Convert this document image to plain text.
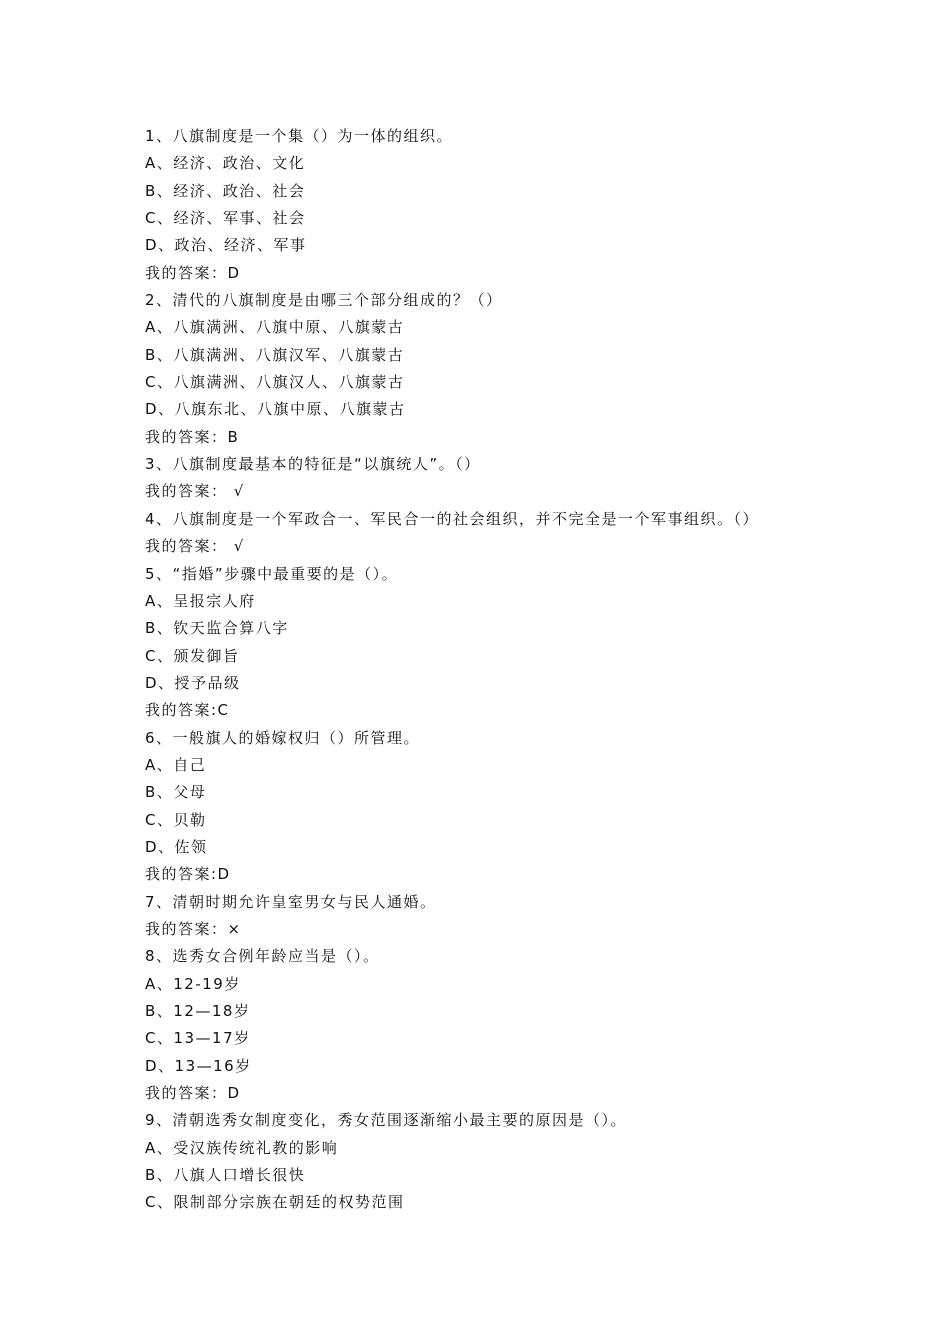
1、八旗制度是一个集（）为一体的组织。
A、经济、政治、文化
B、经济、政治、社会
C、经济、军事、社会
D、政治、经济、军事
我的答案：D
2、清代的八旗制度是由哪三个部分组成的？（）
A、八旗满洲、八旗中原、八旗蒙古
B、八旗满洲、八旗汉军、八旗蒙古
C、八旗满洲、八旗汉人、八旗蒙古
D、八旗东北、八旗中原、八旗蒙古
我的答案：B
3、八旗制度最基本的特征是“以旗统人”。（）
我的答案： √
4、八旗制度是一个军政合一、军民合一的社会组织，并不完全是一个军事组织。（）
我的答案： √
5、“指婚”步骤中最重要的是（）。
A、呈报宗人府
B、钦天监合算八字
C、颁发御旨
D、授予品级
我的答案:C
6、一般旗人的婚嫁权归（）所管理。
A、自己
B、父母
C、贝勒
D、佐领
我的答案:D
7、清朝时期允许皇室男女与民人通婚。
我的答案：×
8、选秀女合例年龄应当是（）。
A、12-19岁
B、12—18岁
C、13—17岁
D、13—16岁
我的答案：D
9、清朝选秀女制度变化，秀女范围逐渐缩小最主要的原因是（）。
A、受汉族传统礼教的影响
B、八旗人口增长很快
C、限制部分宗族在朝廷的权势范围
